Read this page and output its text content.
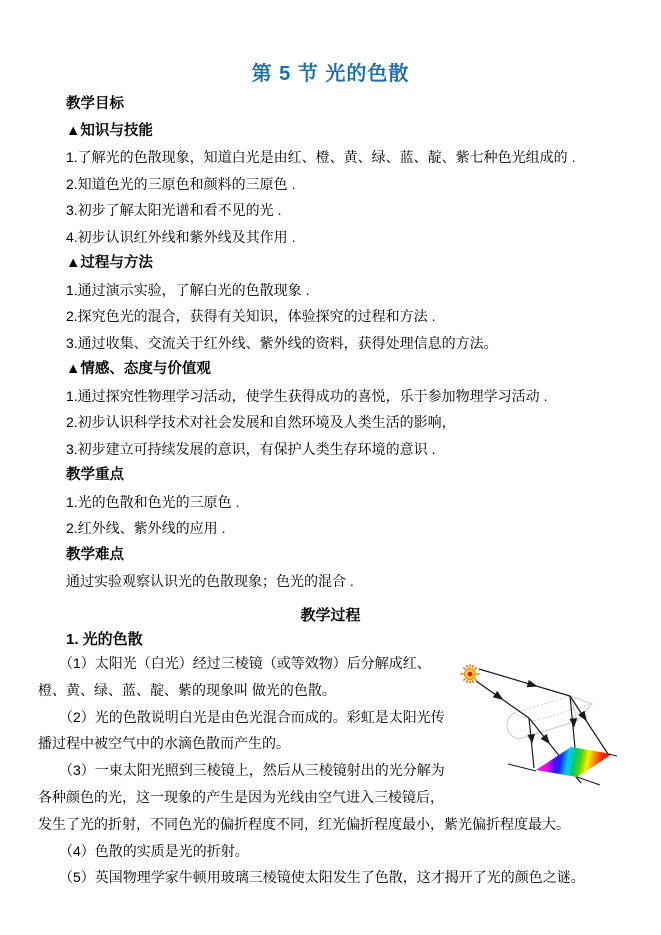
第 5 节 光的色散
教学目标
▲知识与技能
1.了解光的色散现象，知道白光是由红、橙、黄、绿、蓝、靛、紫七种色光组成的 .
2.知道色光的三原色和颜料的三原色 .
3.初步了解太阳光谱和看不见的光 .
4.初步认识红外线和紫外线及其作用 .
▲过程与方法
1.通过演示实验，了解白光的色散现象 .
2.探究色光的混合，获得有关知识，体验探究的过程和方法 .
3.通过收集、交流关于红外线、紫外线的资料，获得处理信息的方法。
▲情感、态度与价值观
1.通过探究性物理学习活动，使学生获得成功的喜悦，乐于参加物理学习活动 .
2.初步认识科学技术对社会发展和自然环境及人类生活的影响，
3.初步建立可持续发展的意识，有保护人类生存环境的意识 .
教学重点
1.光的色散和色光的三原色 .
2.红外线、紫外线的应用 .
教学难点
通过实验观察认识光的色散现象；色光的混合 .
教学过程
1. 光的色散

（1）太阳光（白光）经过三棱镜（或等效物）后分解成红、橙、黄、绿、蓝、靛、紫的现象叫 做光的色散。

（2）光的色散说明白光是由色光混合而成的。彩虹是太阳光传播过程中被空气中的水滴色散而产生的。

（3）一束太阳光照到三棱镜上，然后从三棱镜射出的光分解为各种颜色的光，这一现象的产生是因为光线由空气进入三棱镜后，发生了光的折射，不同色光的偏折程度不同，红光偏折程度最小，紫光偏折程度最大。

（4）色散的实质是光的折射。

（5）英国物理学家牛顿用玻璃三棱镜使太阳发生了色散，这才揭开了光的颜色之谜。
